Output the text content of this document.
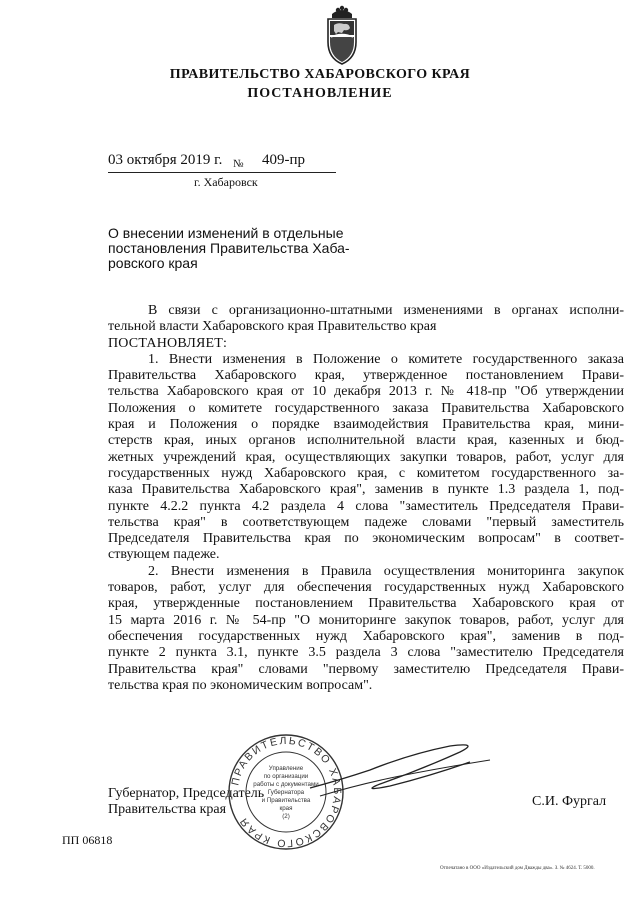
ПРАВИТЕЛЬСТВО ХАБАРОВСКОГО КРАЯ
ПОСТАНОВЛЕНИЕ
03 октября 2019 г. № 409-пр
г. Хабаровск
О внесении изменений в отдельные
постановления Правительства Хаба-
ровского края

В связи с организационно-штатными изменениями в органах исполни-

тельной власти Хабаровского края Правительство края

ПОСТАНОВЛЯЕТ:

1. Внести изменения в Положение о комитете государственного заказа

Правительства Хабаровского края, утвержденное постановлением Прави-

тельства Хабаровского края от 10 декабря 2013 г. № 418-пр "Об утверждении

Положения о комитете государственного заказа Правительства Хабаровского

края и Положения о порядке взаимодействия Правительства края, мини-

стерств края, иных органов исполнительной власти края, казенных и бюд-

жетных учреждений края, осуществляющих закупки товаров, работ, услуг для

государственных нужд Хабаровского края, с комитетом государственного за-

каза Правительства Хабаровского края", заменив в пункте 1.3 раздела 1, под-

пункте 4.2.2 пункта 4.2 раздела 4 слова "заместитель Председателя Прави-

тельства края" в соответствующем падеже словами "первый заместитель

Председателя Правительства края по экономическим вопросам" в соответ-

ствующем падеже.

2. Внести изменения в Правила осуществления мониторинга закупок

товаров, работ, услуг для обеспечения государственных нужд Хабаровского

края, утвержденные постановлением Правительства Хабаровского края от

15 марта 2016 г. № 54-пр "О мониторинге закупок товаров, работ, услуг для

обеспечения государственных нужд Хабаровского края", заменив в под-

пункте 2 пункта 3.1, пункте 3.5 раздела 3 слова "заместителю Председателя

Правительства края" словами "первому заместителю Председателя Прави-

тельства края по экономическим вопросам".

Губернатор, Председатель
Правительства края
С.И. Фургал
ПРАВИТЕЛЬСТВО ХАБАРОВСКОГО КРАЯ
Управление
по организации
работы с документами
Губернатора
и Правительства
края
(2)
ПП 06818
Отпечатано в ООО «Издательский дом Дважды два». З. № 4624. Т. 5000.
